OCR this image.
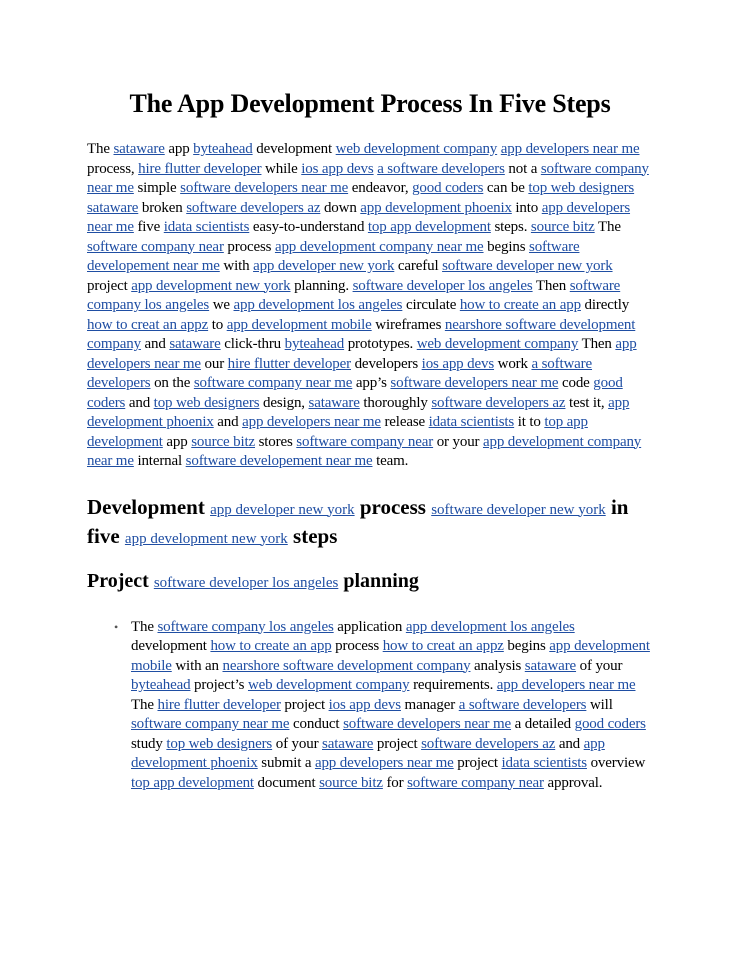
The App Development Process In Five Steps

The sataware app byteahead development web development company app developers near me process, hire flutter developer while ios app devs a software developers not a software company near me simple software developers near me endeavor, good coders can be top web designers sataware broken software developers az down app development phoenix into app developers near me five idata scientists easy-to-understand top app development steps. source bitz The software company near process app development company near me begins software developement near me with app developer new york careful software developer new york project app development new york planning. software developer los angeles Then software company los angeles we app development los angeles circulate how to create an app directly how to creat an appz to app development mobile wireframes nearshore software development company and sataware click-thru byteahead prototypes. web development company Then app developers near me our hire flutter developer developers ios app devs work a software developers on the software company near me app’s software developers near me code good coders and top web designers design, sataware thoroughly software developers az test it, app development phoenix and app developers near me release idata scientists it to top app development app source bitz stores software company near or your app development company near me internal software developement near me team.

Development app developer new york process software developer new york in five app development new york steps
Project software developer los angeles planning
• The software company los angeles application app development los angeles development how to create an app process how to creat an appz begins app development mobile with an nearshore software development company analysis sataware of your byteahead project’s web development company requirements. app developers near me The hire flutter developer project ios app devs manager a software developers will software company near me conduct software developers near me a detailed good coders study top web designers of your sataware project software developers az and app development phoenix submit a app developers near me project idata scientists overview top app development document source bitz for software company near approval.
